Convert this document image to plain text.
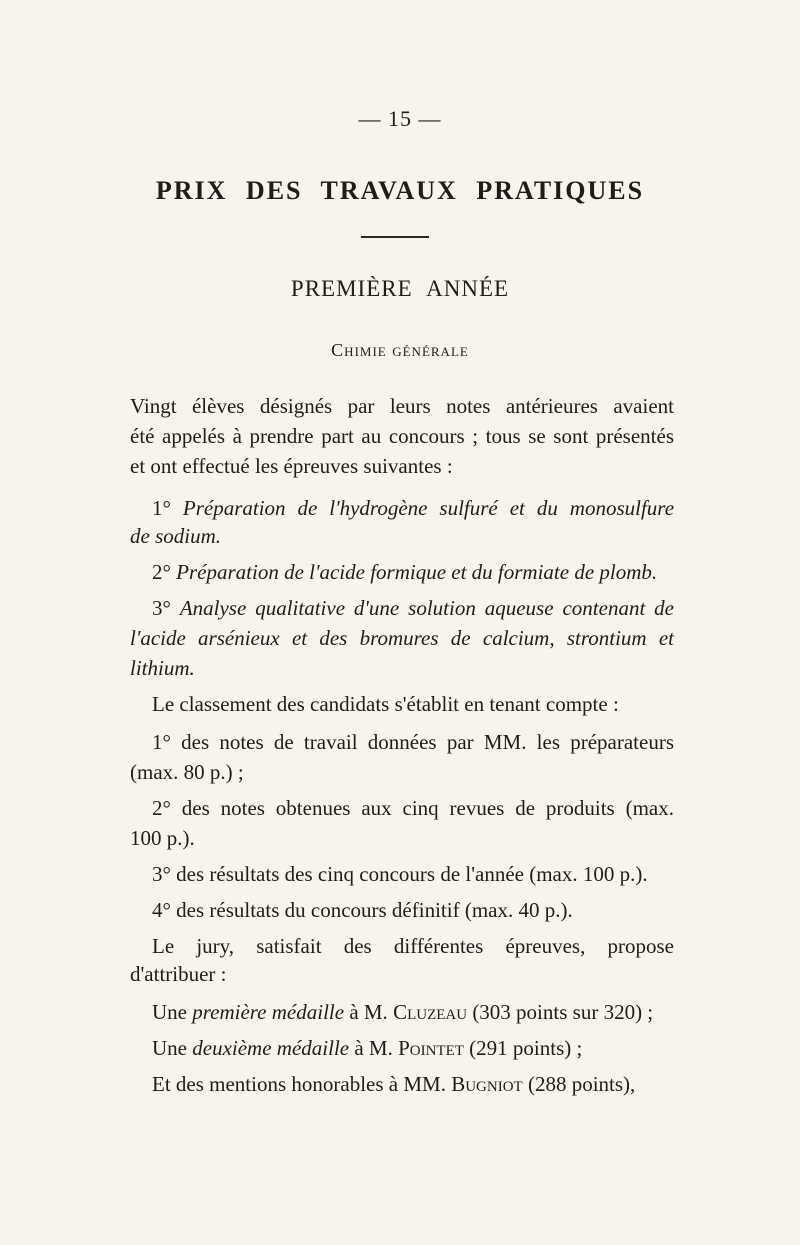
— 15 —
PRIX DES TRAVAUX PRATIQUES
PREMIÈRE ANNÉE
Chimie générale
Vingt élèves désignés par leurs notes antérieures avaient
été appelés à prendre part au concours ; tous se sont présentés
et ont effectué les épreuves suivantes :
1° Préparation de l'hydrogène sulfuré et du monosulfure
de sodium.
2° Préparation de l'acide formique et du formiate de plomb.
3° Analyse qualitative d'une solution aqueuse contenant de
l'acide arsénieux et des bromures de calcium, strontium et
lithium.
Le classement des candidats s'établit en tenant compte :
1° des notes de travail données par MM. les préparateurs
(max. 80 p.) ;
2° des notes obtenues aux cinq revues de produits (max.
100 p.).
3° des résultats des cinq concours de l'année (max. 100 p.).
4° des résultats du concours définitif (max. 40 p.).
Le jury, satisfait des différentes épreuves, propose
d'attribuer :
Une première médaille à M. Cluzeau (303 points sur 320) ;
Une deuxième médaille à M. Pointet (291 points) ;
Et des mentions honorables à MM. Bugniot (288 points),
